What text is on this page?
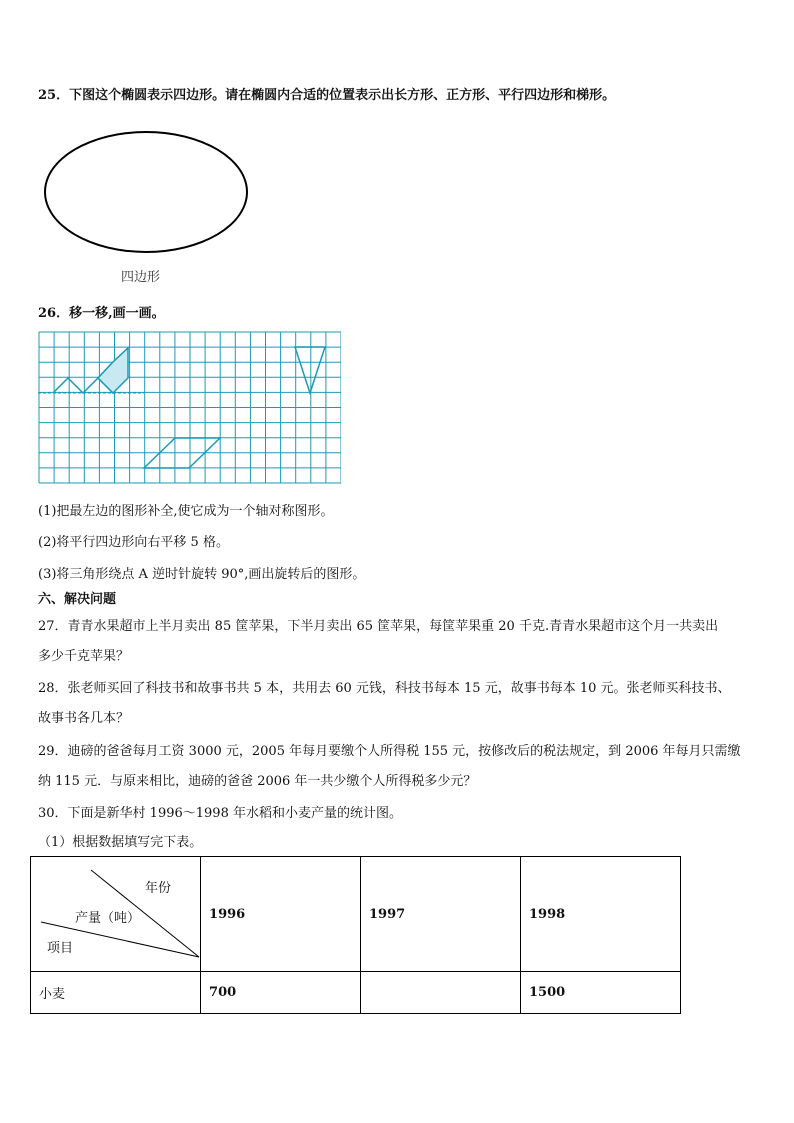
25．下图这个椭圆表示四边形。请在椭圆内合适的位置表示出长方形、正方形、平行四边形和梯形。
四边形
26．移一移,画一画。
(1)把最左边的图形补全,使它成为一个轴对称图形。
(2)将平行四边形向右平移 5 格。
(3)将三角形绕点 A 逆时针旋转 90°,画出旋转后的图形。
六、解决问题
27．青青水果超市上半月卖出 85 筐苹果，下半月卖出 65 筐苹果，每筐苹果重 20 千克.青青水果超市这个月一共卖出
多少千克苹果？
28．张老师买回了科技书和故事书共 5 本，共用去 60 元钱，科技书每本 15 元，故事书每本 10 元。张老师买科技书、
故事书各几本？
29．迪磅的爸爸每月工资 3000 元，2005 年每月要缴个人所得税 155 元，按修改后的税法规定，到 2006 年每月只需缴
纳 115 元．与原来相比，迪磅的爸爸 2006 年一共少缴个人所得税多少元？
30．下面是新华村 1996～1998 年水稻和小麦产量的统计图。
（1）根据数据填写完下表。
年份
产量（吨）
项目	1996	1997	1998
小麦	700		1500
